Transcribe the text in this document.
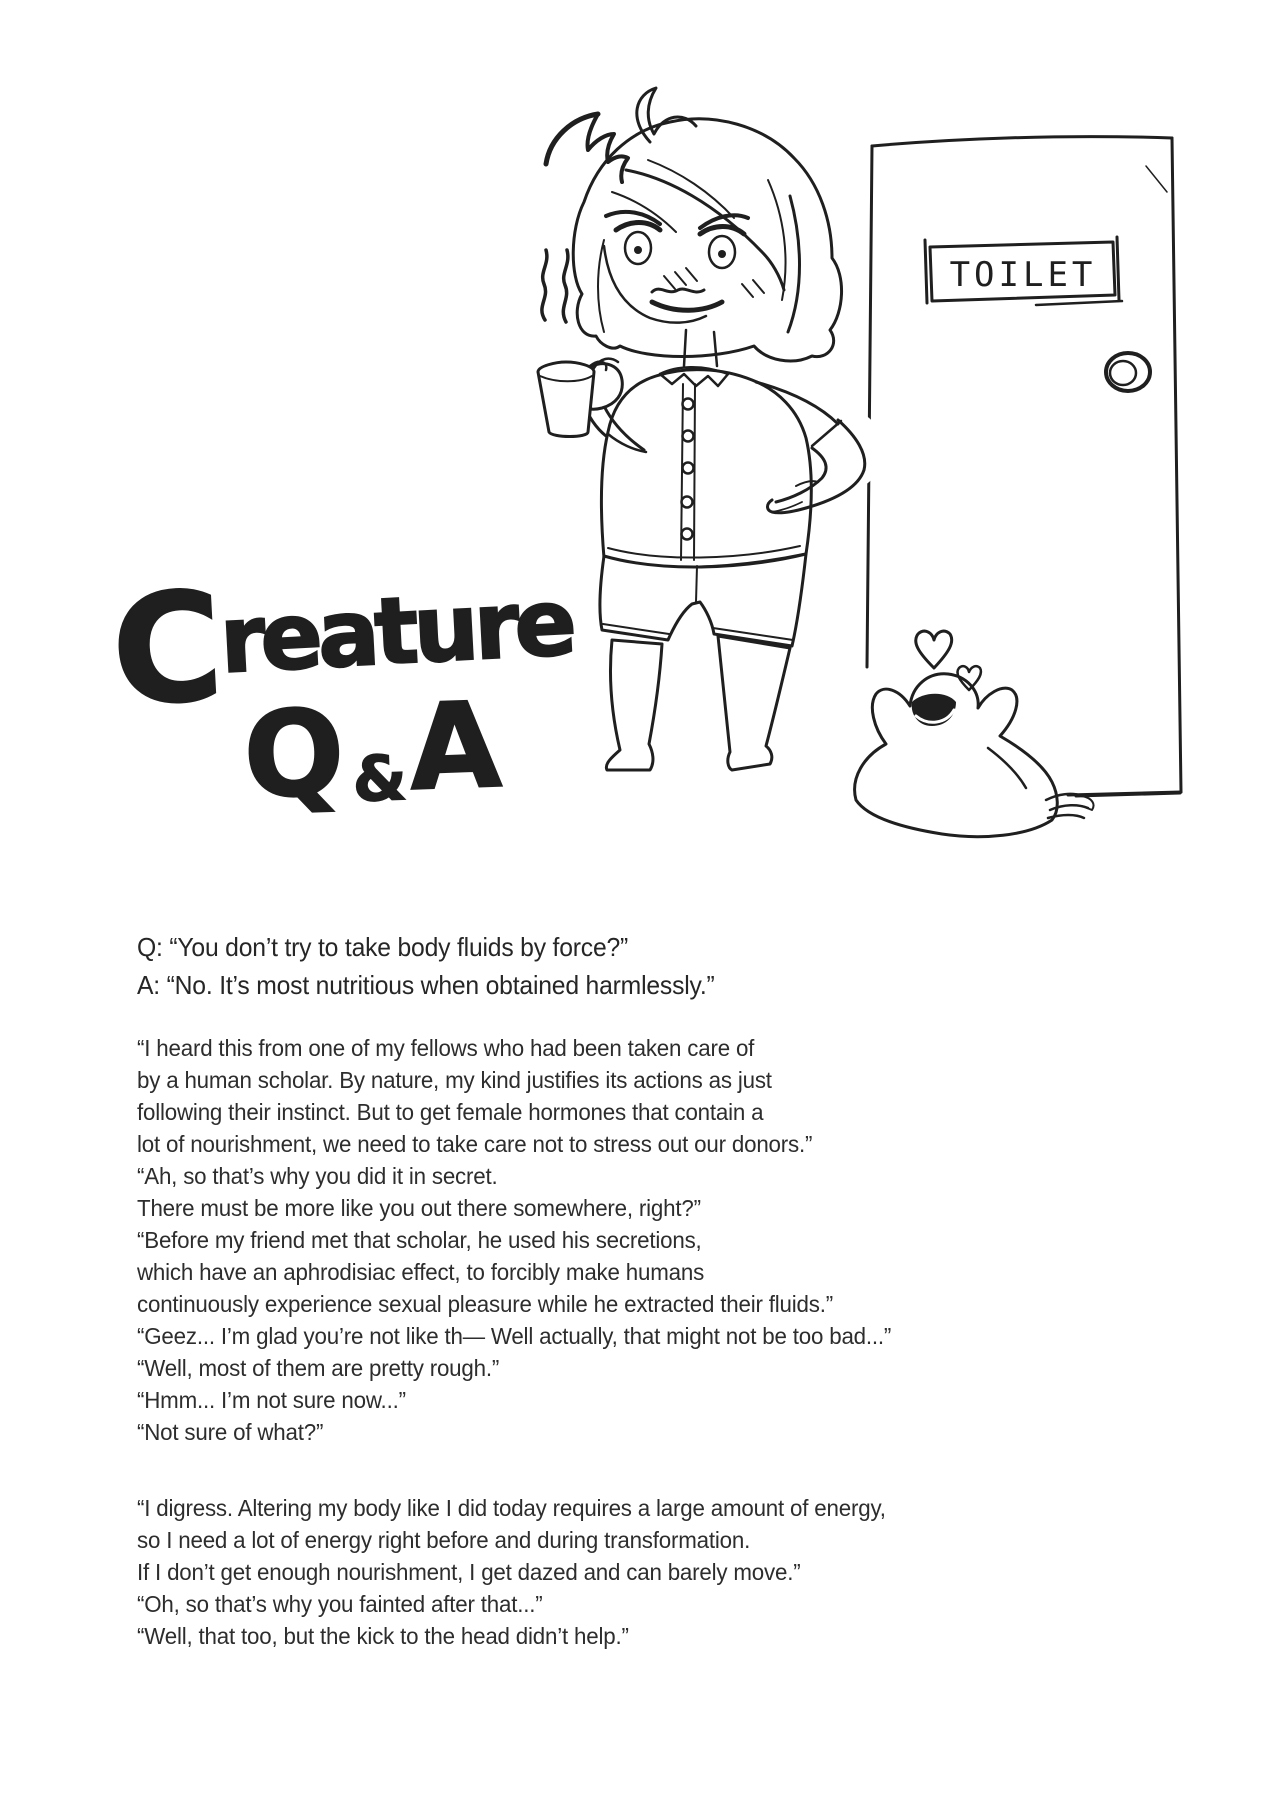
TOILET
C
reature
Q & A
Q: “You don’t try to take body fluids by force?”
A: “No. It’s most nutritious when obtained harmlessly.”
“I heard this from one of my fellows who had been taken care of
by a human scholar. By nature, my kind justifies its actions as just
following their instinct. But to get female hormones that contain a
lot of nourishment, we need to take care not to stress out our donors.”
“Ah, so that’s why you did it in secret.
There must be more like you out there somewhere, right?”
“Before my friend met that scholar, he used his secretions,
which have an aphrodisiac effect, to forcibly make humans
continuously experience sexual pleasure while he extracted their fluids.”
“Geez... I’m glad you’re not like th— Well actually, that might not be too bad...”
“Well, most of them are pretty rough.”
“Hmm... I’m not sure now...”
“Not sure of what?”
“I digress. Altering my body like I did today requires a large amount of energy,
so I need a lot of energy right before and during transformation.
If I don’t get enough nourishment, I get dazed and can barely move.”
“Oh, so that’s why you fainted after that...”
“Well, that too, but the kick to the head didn’t help.”
